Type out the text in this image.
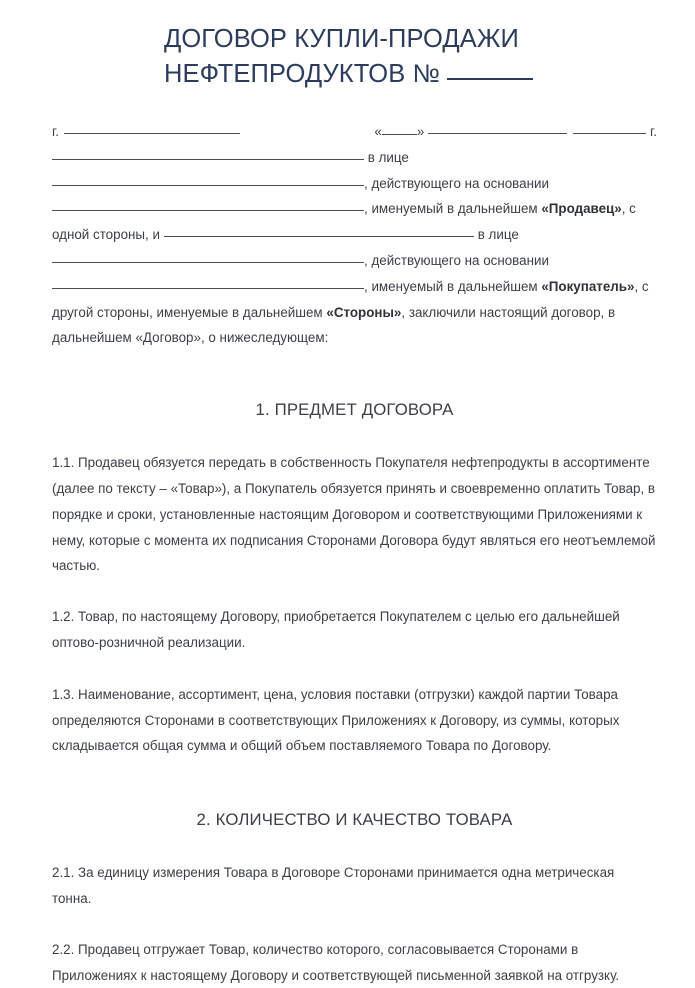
ДОГОВОР КУПЛИ-ПРОДАЖИ
НЕФТЕПРОДУКТОВ №
г.	«	»	г.
в лице
, действующего на основании
, именуемый в дальнейшем «Продавец», с
одной стороны, и	в лице
, действующего на основании
, именуемый в дальнейшем «Покупатель», с
другой стороны, именуемые в дальнейшем «Стороны», заключили настоящий договор, в
дальнейшем «Договор», о нижеследующем:
1. ПРЕДМЕТ ДОГОВОРА

1.1. Продавец обязуется передать в собственность Покупателя нефтепродукты в ассортименте (далее по тексту – «Товар»), а Покупатель обязуется принять и своевременно оплатить Товар, в порядке и сроки, установленные настоящим Договором и соответствующими Приложениями к нему, которые с момента их подписания Сторонами Договора будут являться его неотъемлемой частью.

1.2. Товар, по настоящему Договору, приобретается Покупателем с целью его дальнейшей оптово-розничной реализации.

1.3. Наименование, ассортимент, цена, условия поставки (отгрузки) каждой партии Товара определяются Сторонами в соответствующих Приложениях к Договору, из суммы, которых складывается общая сумма и общий объем поставляемого Товара по Договору.

2. КОЛИЧЕСТВО И КАЧЕСТВО ТОВАРА

2.1. За единицу измерения Товара в Договоре Сторонами принимается одна метрическая тонна.

2.2. Продавец отгружает Товар, количество которого, согласовывается Сторонами в Приложениях к настоящему Договору и соответствующей письменной заявкой на отгрузку.
